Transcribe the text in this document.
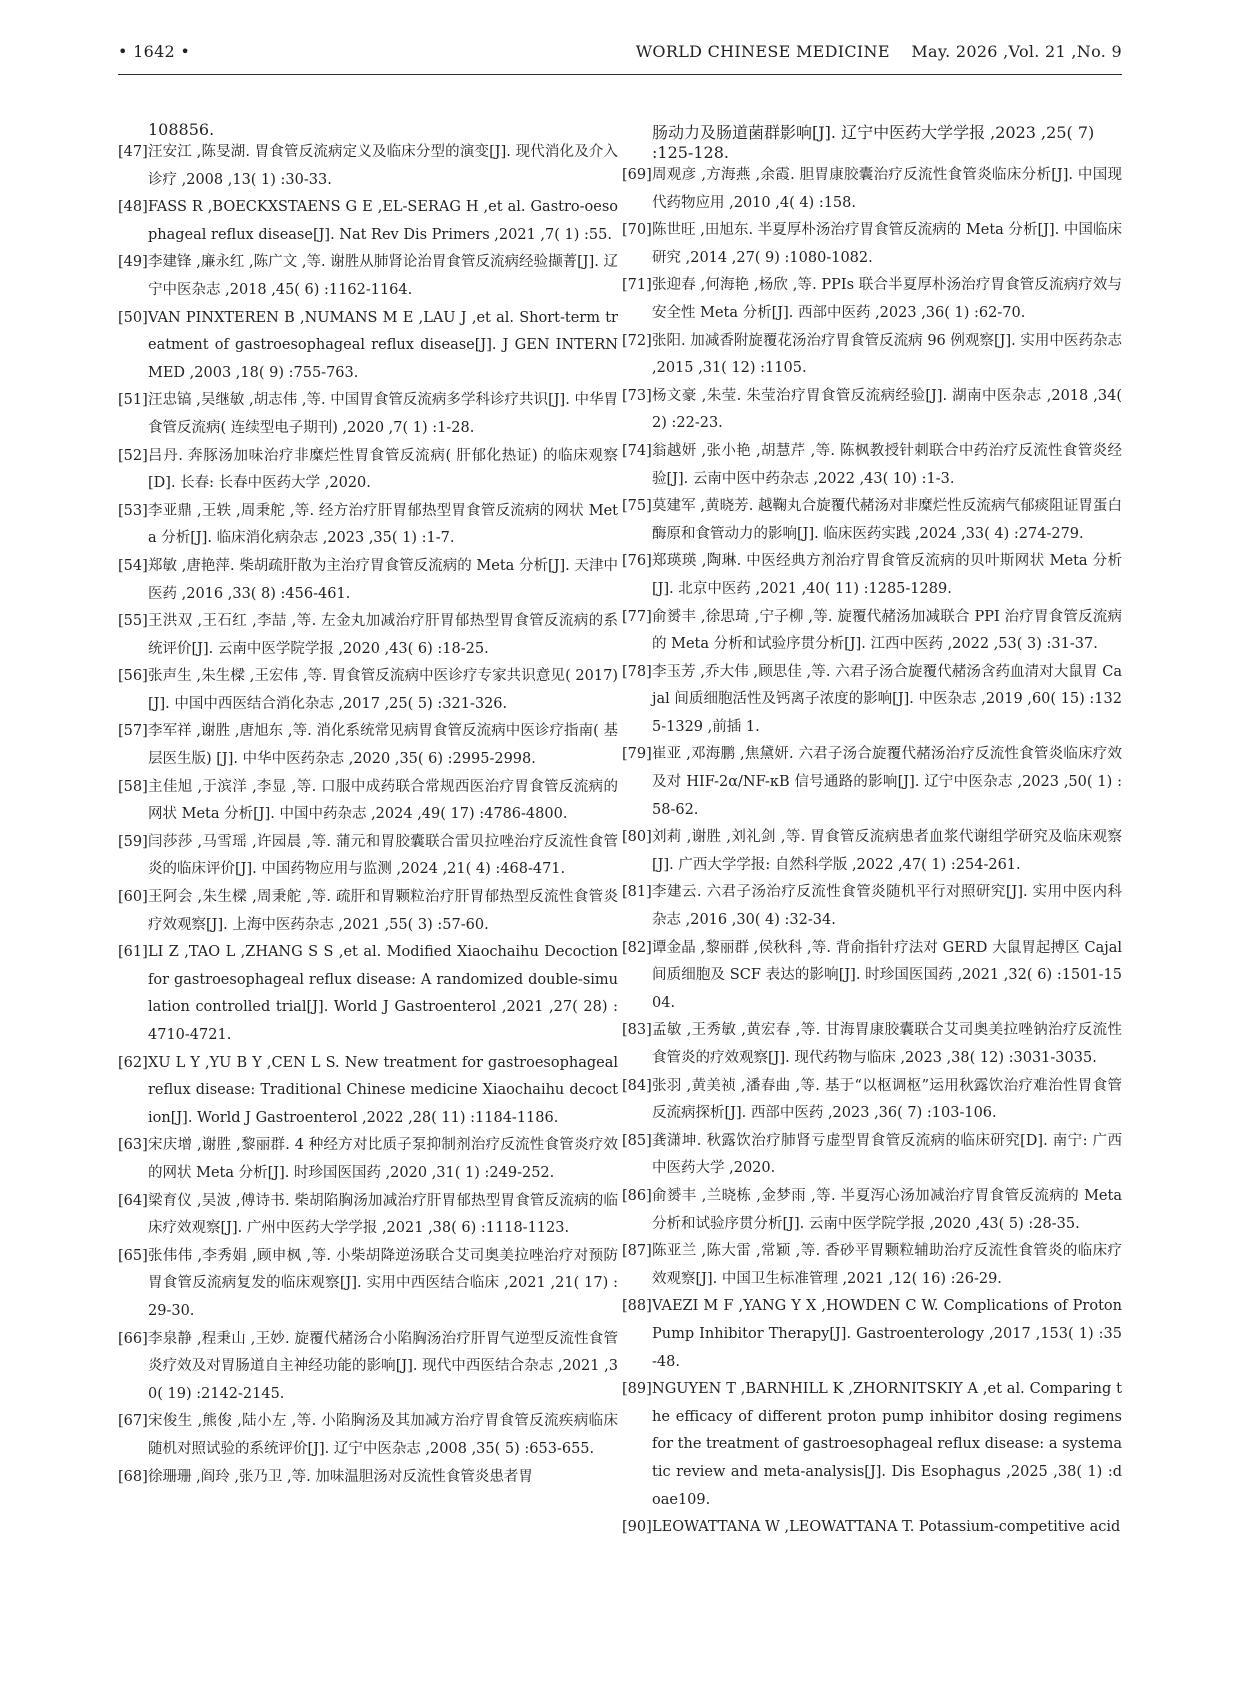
• 1642 •	WORLD CHINESE MEDICINE    May. 2026 ,Vol. 21 ,No. 9
108856.
[47] 汪安江 ,陈旻湖. 胃食管反流病定义及临床分型的演变[J]. 现代消化及介入诊疗 ,2008 ,13( 1) :30-33.
[48] FASS R ,BOECKXSTAENS G E ,EL-SERAG H ,et al. Gastro-oesophageal reflux disease[J]. Nat Rev Dis Primers ,2021 ,7( 1) :55.
[49] 李建锋 ,廉永红 ,陈广文 ,等. 谢胜从肺肾论治胃食管反流病经验撷菁[J]. 辽宁中医杂志 ,2018 ,45( 6) :1162-1164.
[50] VAN PINXTEREN B ,NUMANS M E ,LAU J ,et al. Short-term treatment of gastroesophageal reflux disease[J]. J GEN INTERN MED ,2003 ,18( 9) :755-763.
[51] 汪忠镐 ,吴继敏 ,胡志伟 ,等. 中国胃食管反流病多学科诊疗共识[J]. 中华胃食管反流病( 连续型电子期刊) ,2020 ,7( 1) :1-28.
[52] 吕丹. 奔豚汤加味治疗非糜烂性胃食管反流病( 肝郁化热证) 的临床观察[D]. 长春: 长春中医药大学 ,2020.
[53] 李亚鼎 ,王轶 ,周秉舵 ,等. 经方治疗肝胃郁热型胃食管反流病的网状 Meta 分析[J]. 临床消化病杂志 ,2023 ,35( 1) :1-7.
[54] 郑敏 ,唐艳萍. 柴胡疏肝散为主治疗胃食管反流病的 Meta 分析[J]. 天津中医药 ,2016 ,33( 8) :456-461.
[55] 王洪双 ,王石红 ,李喆 ,等. 左金丸加减治疗肝胃郁热型胃食管反流病的系统评价[J]. 云南中医学院学报 ,2020 ,43( 6) :18-25.
[56] 张声生 ,朱生樑 ,王宏伟 ,等. 胃食管反流病中医诊疗专家共识意见( 2017) [J]. 中国中西医结合消化杂志 ,2017 ,25( 5) :321-326.
[57] 李军祥 ,谢胜 ,唐旭东 ,等. 消化系统常见病胃食管反流病中医诊疗指南( 基层医生版) [J]. 中华中医药杂志 ,2020 ,35( 6) :2995-2998.
[58] 主佳旭 ,于滨洋 ,李显 ,等. 口服中成药联合常规西医治疗胃食管反流病的网状 Meta 分析[J]. 中国中药杂志 ,2024 ,49( 17) :4786-4800.
[59] 闫莎莎 ,马雪瑶 ,许园晨 ,等. 蒲元和胃胶囊联合雷贝拉唑治疗反流性食管炎的临床评价[J]. 中国药物应用与监测 ,2024 ,21( 4) :468-471.
[60] 王阿会 ,朱生樑 ,周秉舵 ,等. 疏肝和胃颗粒治疗肝胃郁热型反流性食管炎疗效观察[J]. 上海中医药杂志 ,2021 ,55( 3) :57-60.
[61] LI Z ,TAO L ,ZHANG S S ,et al. Modified Xiaochaihu Decoction for gastroesophageal reflux disease: A randomized double-simulation controlled trial[J]. World J Gastroenterol ,2021 ,27( 28) :4710-4721.
[62] XU L Y ,YU B Y ,CEN L S. New treatment for gastroesophageal reflux disease: Traditional Chinese medicine Xiaochaihu decoction[J]. World J Gastroenterol ,2022 ,28( 11) :1184-1186.
[63] 宋庆增 ,谢胜 ,黎丽群. 4 种经方对比质子泵抑制剂治疗反流性食管炎疗效的网状 Meta 分析[J]. 时珍国医国药 ,2020 ,31( 1) :249-252.
[64] 梁育仪 ,吴波 ,傅诗书. 柴胡陷胸汤加减治疗肝胃郁热型胃食管反流病的临床疗效观察[J]. 广州中医药大学学报 ,2021 ,38( 6) :1118-1123.
[65] 张伟伟 ,李秀娟 ,顾申枫 ,等. 小柴胡降逆汤联合艾司奥美拉唑治疗对预防胃食管反流病复发的临床观察[J]. 实用中西医结合临床 ,2021 ,21( 17) :29-30.
[66] 李泉静 ,程秉山 ,王妙. 旋覆代赭汤合小陷胸汤治疗肝胃气逆型反流性食管炎疗效及对胃肠道自主神经功能的影响[J]. 现代中西医结合杂志 ,2021 ,30( 19) :2142-2145.
[67] 宋俊生 ,熊俊 ,陆小左 ,等. 小陷胸汤及其加减方治疗胃食管反流疾病临床随机对照试验的系统评价[J]. 辽宁中医杂志 ,2008 ,35( 5) :653-655.
[68] 徐珊珊 ,阎玲 ,张乃卫 ,等. 加味温胆汤对反流性食管炎患者胃
肠动力及肠道菌群影响[J]. 辽宁中医药大学学报 ,2023 ,25( 7) :125-128.
[69] 周观彦 ,方海燕 ,余霞. 胆胃康胶囊治疗反流性食管炎临床分析[J]. 中国现代药物应用 ,2010 ,4( 4) :158.
[70] 陈世旺 ,田旭东. 半夏厚朴汤治疗胃食管反流病的 Meta 分析[J]. 中国临床研究 ,2014 ,27( 9) :1080-1082.
[71] 张迎春 ,何海艳 ,杨欣 ,等. PPIs 联合半夏厚朴汤治疗胃食管反流病疗效与安全性 Meta 分析[J]. 西部中医药 ,2023 ,36( 1) :62-70.
[72] 张阳. 加减香附旋覆花汤治疗胃食管反流病 96 例观察[J]. 实用中医药杂志 ,2015 ,31( 12) :1105.
[73] 杨文豪 ,朱莹. 朱莹治疗胃食管反流病经验[J]. 湖南中医杂志 ,2018 ,34( 2) :22-23.
[74] 翁越妍 ,张小艳 ,胡慧芹 ,等. 陈枫教授针刺联合中药治疗反流性食管炎经验[J]. 云南中医中药杂志 ,2022 ,43( 10) :1-3.
[75] 莫建军 ,黄晓芳. 越鞠丸合旋覆代赭汤对非糜烂性反流病气郁痰阻证胃蛋白酶原和食管动力的影响[J]. 临床医药实践 ,2024 ,33( 4) :274-279.
[76] 郑瑛瑛 ,陶琳. 中医经典方剂治疗胃食管反流病的贝叶斯网状 Meta 分析[J]. 北京中医药 ,2021 ,40( 11) :1285-1289.
[77] 俞赟丰 ,徐思琦 ,宁子柳 ,等. 旋覆代赭汤加减联合 PPI 治疗胃食管反流病的 Meta 分析和试验序贯分析[J]. 江西中医药 ,2022 ,53( 3) :31-37.
[78] 李玉芳 ,乔大伟 ,顾思佳 ,等. 六君子汤合旋覆代赭汤含药血清对大鼠胃 Cajal 间质细胞活性及钙离子浓度的影响[J]. 中医杂志 ,2019 ,60( 15) :1325-1329 ,前插 1.
[79] 崔亚 ,邓海鹏 ,焦黛妍. 六君子汤合旋覆代赭汤治疗反流性食管炎临床疗效及对 HIF-2α/NF-κB 信号通路的影响[J]. 辽宁中医杂志 ,2023 ,50( 1) :58-62.
[80] 刘莉 ,谢胜 ,刘礼剑 ,等. 胃食管反流病患者血浆代谢组学研究及临床观察[J]. 广西大学学报: 自然科学版 ,2022 ,47( 1) :254-261.
[81] 李建云. 六君子汤治疗反流性食管炎随机平行对照研究[J]. 实用中医内科杂志 ,2016 ,30( 4) :32-34.
[82] 谭金晶 ,黎丽群 ,侯秋科 ,等. 背俞指针疗法对 GERD 大鼠胃起搏区 Cajal 间质细胞及 SCF 表达的影响[J]. 时珍国医国药 ,2021 ,32( 6) :1501-1504.
[83] 孟敏 ,王秀敏 ,黄宏春 ,等. 甘海胃康胶囊联合艾司奥美拉唑钠治疗反流性食管炎的疗效观察[J]. 现代药物与临床 ,2023 ,38( 12) :3031-3035.
[84] 张羽 ,黄美祯 ,潘春曲 ,等. 基于“以枢调枢”运用秋露饮治疗难治性胃食管反流病探析[J]. 西部中医药 ,2023 ,36( 7) :103-106.
[85] 龚潇坤. 秋露饮治疗肺肾亏虚型胃食管反流病的临床研究[D]. 南宁: 广西中医药大学 ,2020.
[86] 俞赟丰 ,兰晓栋 ,金梦雨 ,等. 半夏泻心汤加减治疗胃食管反流病的 Meta 分析和试验序贯分析[J]. 云南中医学院学报 ,2020 ,43( 5) :28-35.
[87] 陈亚兰 ,陈大雷 ,常颖 ,等. 香砂平胃颗粒辅助治疗反流性食管炎的临床疗效观察[J]. 中国卫生标准管理 ,2021 ,12( 16) :26-29.
[88] VAEZI M F ,YANG Y X ,HOWDEN C W. Complications of Proton Pump Inhibitor Therapy[J]. Gastroenterology ,2017 ,153( 1) :35-48.
[89] NGUYEN T ,BARNHILL K ,ZHORNITSKIY A ,et al. Comparing the efficacy of different proton pump inhibitor dosing regimens for the treatment of gastroesophageal reflux disease: a systematic review and meta-analysis[J]. Dis Esophagus ,2025 ,38( 1) :doae109.
[90] LEOWATTANA W ,LEOWATTANA T. Potassium-competitive acid
